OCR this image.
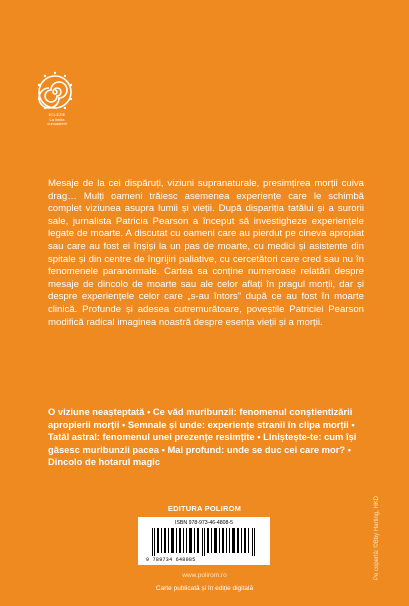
ECLEZIE
La limita
cunoașterii

Mesaje de la cei dispăruți, viziuni supranaturale, presimțirea morții cuiva drag… Mulți oameni trăiesc asemenea experiențe care le schimbă complet viziunea asupra lumii și vieții. După dispariția tatălui și a surorii sale, jurnalista Patricia Pearson a început să investigheze experiențele legate de moarte. A discutat cu oameni care au pierdut pe cineva apropiat sau care au fost ei înșiși la un pas de moarte, cu medici și asistente din spitale și din centre de îngrijiri paliative, cu cercetători care cred sau nu în fenomenele paranormale. Cartea sa conține numeroase relatări despre mesaje de dincolo de moarte sau ale celor aflați în pragul morții, dar și despre experiențele celor care „s-au întors” după ce au fost în moarte clinică. Profunde și adesea cutremurătoare, poveștile Patriciei Pearson modifică radical imaginea noastră despre esența vieții și a morții.

O viziune neașteptată • Ce văd muribunzii: fenomenul conștientizării apropierii morții • Semnale și unde: experiențe stranii în clipa morții • Tatăl astral: fenomenul unei prezențe resimțite • Liniștește-te: cum își găsesc muribunzii pacea • Mai profund: unde se duc cei care mor? • Dincolo de hotarul magic

EDITURA POLIROM
ISBN 978-973-46-4808-5
9 789734 648085
www.polirom.ro
Carte publicată și în ediție digitală
Pe copertă: ©Bby Harting, HKD
